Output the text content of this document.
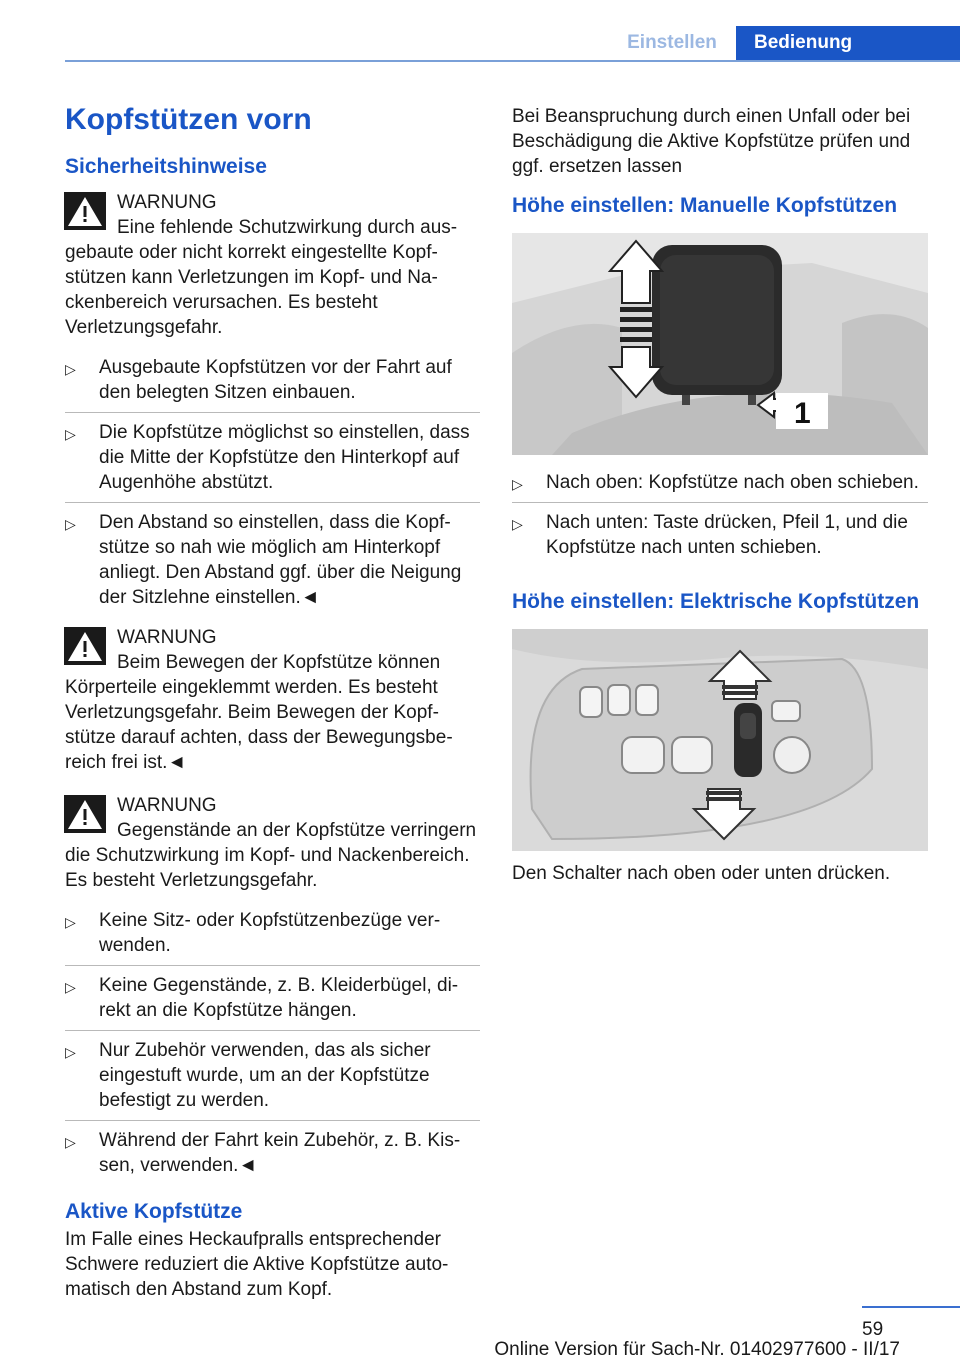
Einstellen	Bedienung
Kopfstützen vorn
Sicherheitshinweise
WARNUNG

Eine fehlende Schutzwirkung durch ausgebaute oder nicht korrekt eingestellte Kopfstützen kann Verletzungen im Kopf- und Nackenbereich verursachen. Es besteht Verletzungsgefahr.

▷ Ausgebaute Kopfstützen vor der Fahrt auf den belegten Sitzen einbauen.
▷ Die Kopfstütze möglichst so einstellen, dass die Mitte der Kopfstütze den Hinterkopf auf Augenhöhe abstützt.
▷ Den Abstand so einstellen, dass die Kopfstütze so nah wie möglich am Hinterkopf anliegt. Den Abstand ggf. über die Neigung der Sitzlehne einstellen.◄
WARNUNG

Beim Bewegen der Kopfstütze können Körperteile eingeklemmt werden. Es besteht Verletzungsgefahr. Beim Bewegen der Kopfstütze darauf achten, dass der Bewegungsbereich frei ist.◄

WARNUNG

Gegenstände an der Kopfstütze verringern die Schutzwirkung im Kopf- und Nackenbereich. Es besteht Verletzungsgefahr.

▷ Keine Sitz- oder Kopfstützenbezüge verwenden.
▷ Keine Gegenstände, z. B. Kleiderbügel, direkt an die Kopfstütze hängen.
▷ Nur Zubehör verwenden, das als sicher eingestuft wurde, um an der Kopfstütze befestigt zu werden.
▷ Während der Fahrt kein Zubehör, z. B. Kissen, verwenden.◄
Aktive Kopfstütze

Im Falle eines Heckaufpralls entsprechender Schwere reduziert die Aktive Kopfstütze automatisch den Abstand zum Kopf.

Bei Beanspruchung durch einen Unfall oder bei Beschädigung die Aktive Kopfstütze prüfen und ggf. ersetzen lassen

Höhe einstellen: Manuelle Kopfstützen
1
▷ Nach oben: Kopfstütze nach oben schieben.
▷ Nach unten: Taste drücken, Pfeil 1, und die Kopfstütze nach unten schieben.
Höhe einstellen: Elektrische Kopfstützen

Den Schalter nach oben oder unten drücken.

59
Online Version für Sach-Nr. 01402977600 - II/17
